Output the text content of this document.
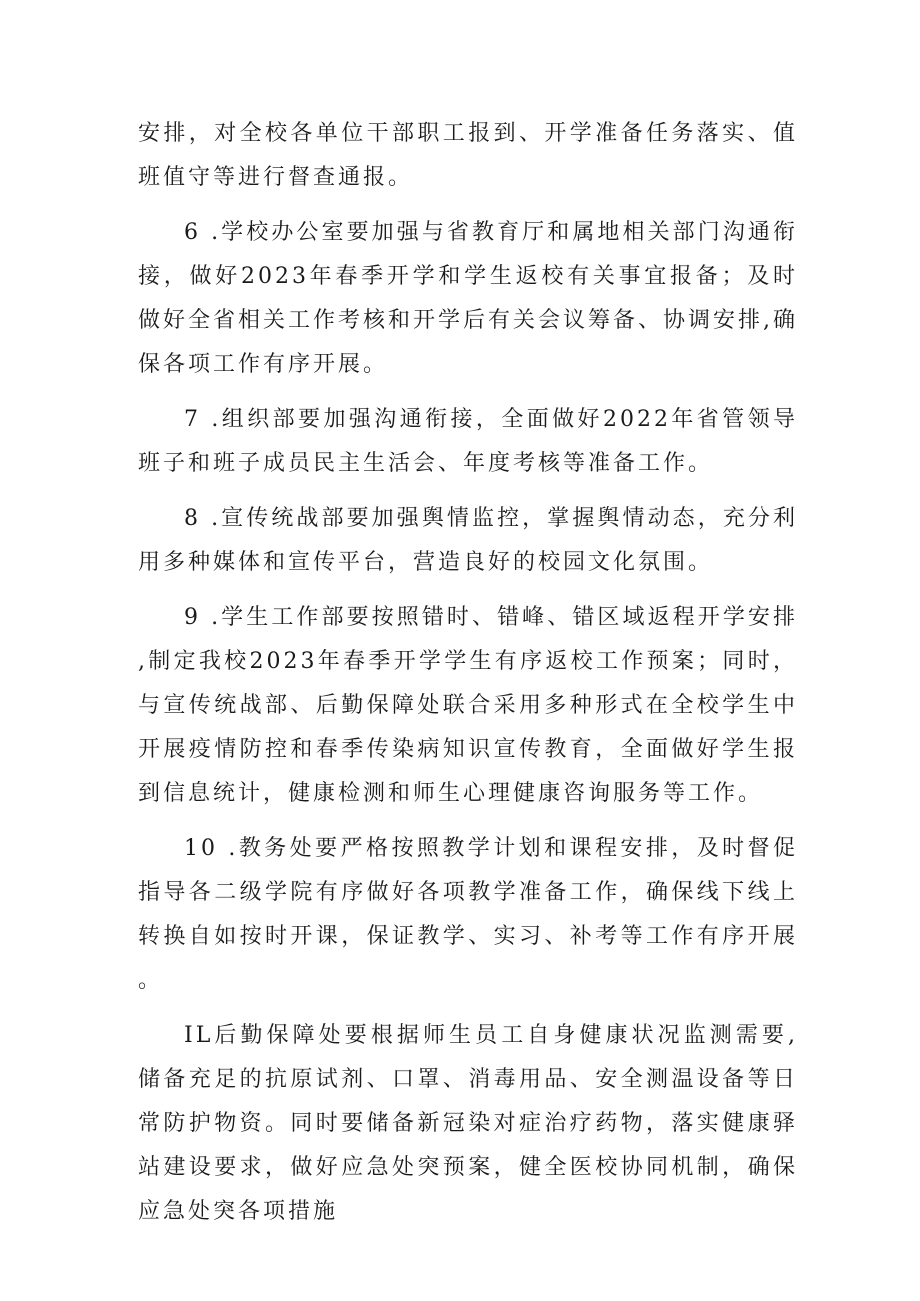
安排，对全校各单位干部职工报到、开学准备任务落实、值班值守等进行督查通报。

6 .学校办公室要加强与省教育厅和属地相关部门沟通衔接，做好2023年春季开学和学生返校有关事宜报备；及时做好全省相关工作考核和开学后有关会议筹备、协调安排,确保各项工作有序开展。

7 .组织部要加强沟通衔接，全面做好2022年省管领导班子和班子成员民主生活会、年度考核等准备工作。

8 .宣传统战部要加强舆情监控，掌握舆情动态，充分利用多种媒体和宣传平台，营造良好的校园文化氛围。

9 .学生工作部要按照错时、错峰、错区域返程开学安排,制定我校2023年春季开学学生有序返校工作预案；同时，与宣传统战部、后勤保障处联合采用多种形式在全校学生中开展疫情防控和春季传染病知识宣传教育，全面做好学生报到信息统计，健康检测和师生心理健康咨询服务等工作。

10 .教务处要严格按照教学计划和课程安排，及时督促指导各二级学院有序做好各项教学准备工作，确保线下线上转换自如按时开课，保证教学、实习、补考等工作有序开展。

IL后勤保障处要根据师生员工自身健康状况监测需要,储备充足的抗原试剂、口罩、消毒用品、安全测温设备等日常防护物资。同时要储备新冠染对症治疗药物，落实健康驿站建设要求，做好应急处突预案，健全医校协同机制，确保应急处突各项措施
